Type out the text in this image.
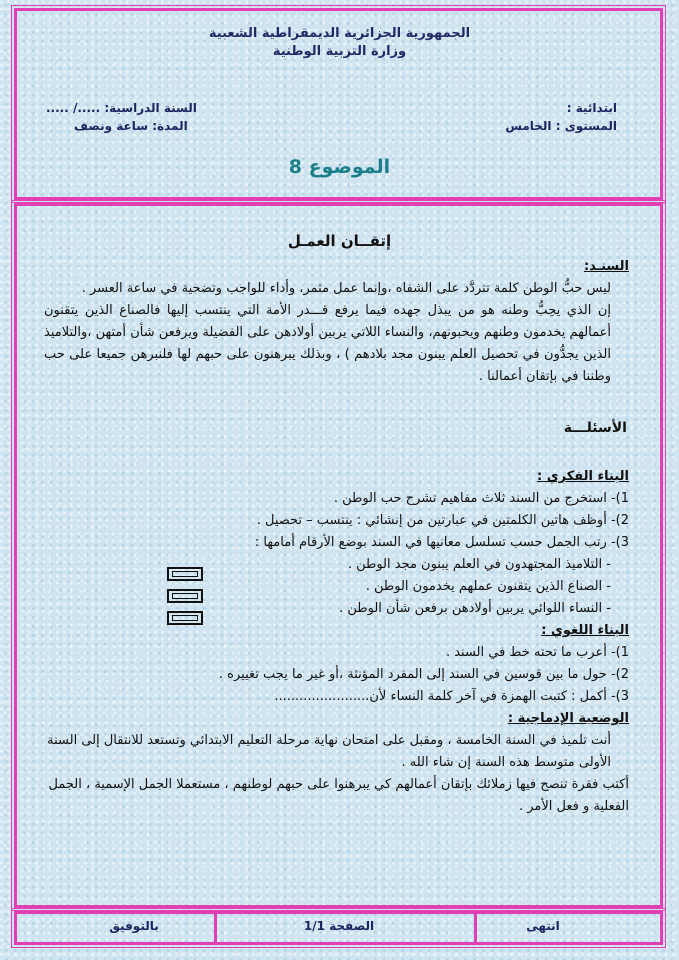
الجمهورية الجزائرية الديمقراطية الشعبية
وزارة التربية الوطنية
ابتدائية :
المستوى : الخامس
السنة الدراسية: ...../ .....
المدة: ساعة ونصف
الموضوع 8
إتقــان العمـل
السنـد:

ليس حبُّ الوطن كلمة تتردَّد على الشفاه ،وإنما عمل مثمر، وأداء للواجب وتضحية في ساعة العسر .

إن الذي يحِبُّ وطنه هو من يبذل جهده فيما يرفع قـــدر الأمة التي ينتسب إليها فالصناع الذين يتقنون أعمالهم يخدمون وطنهم ويحبونهم، والنساء اللاتي يربين أولادهن على الفضيلة ويرفعن شأن أمتهن ،والتلاميذ الذين يجدُّون في تحصيل العلم يبنون مجد بلادهم ) ، وبذلك يبرهنون على حبهم لها فلنبرهن جميعا على حب وطننا في بإتقان أعمالنا .

الأسئلـــة
البناء الفكري :
1)- استخرج من السند ثلاث مفاهيم تشرح حب الوطن .
2)- أوظف هاتين الكلمتين في عبارتين من إنشائي : ينتسب – تحصيل .
3)- رتب الجمل حسب تسلسل معانيها في السند بوضع الأرقام أمامها :
- التلاميذ المجتهدون في العلم يبنون مجد الوطن .
- الصناع الذين يتقنون عملهم يخدمون الوطن .
- النساء اللوائي يربين أولادهن برفعن شأن الوطن .
البناء اللغوي :
1)- أعرب ما تحته خط في السند .
2)- حول ما بين قوسين في السند إلى المفرد المؤنثة ،أو غير ما يجب تغييره .
3)- أكمل : كتبت الهمزة في آخر كلمة النساء لأن.......................
الوضعية الإدماجية :
أنت تلميذ في السنة الخامسة ، ومقبل على امتحان نهاية مرحلة التعليم الابتدائي وتستعد للانتقال إلى السنة الأولى متوسط هذه السنة إن شاء الله .
أكتب فقرة تنصح فيها زملائك بإتقان أعمالهم كي يبرهنوا على حبهم لوطنهم ، مستعملا الجمل الإسمية ، الجمل الفعلية و فعل الأمر .
انتهى
الصفحة 1/1
بالتوفيق
